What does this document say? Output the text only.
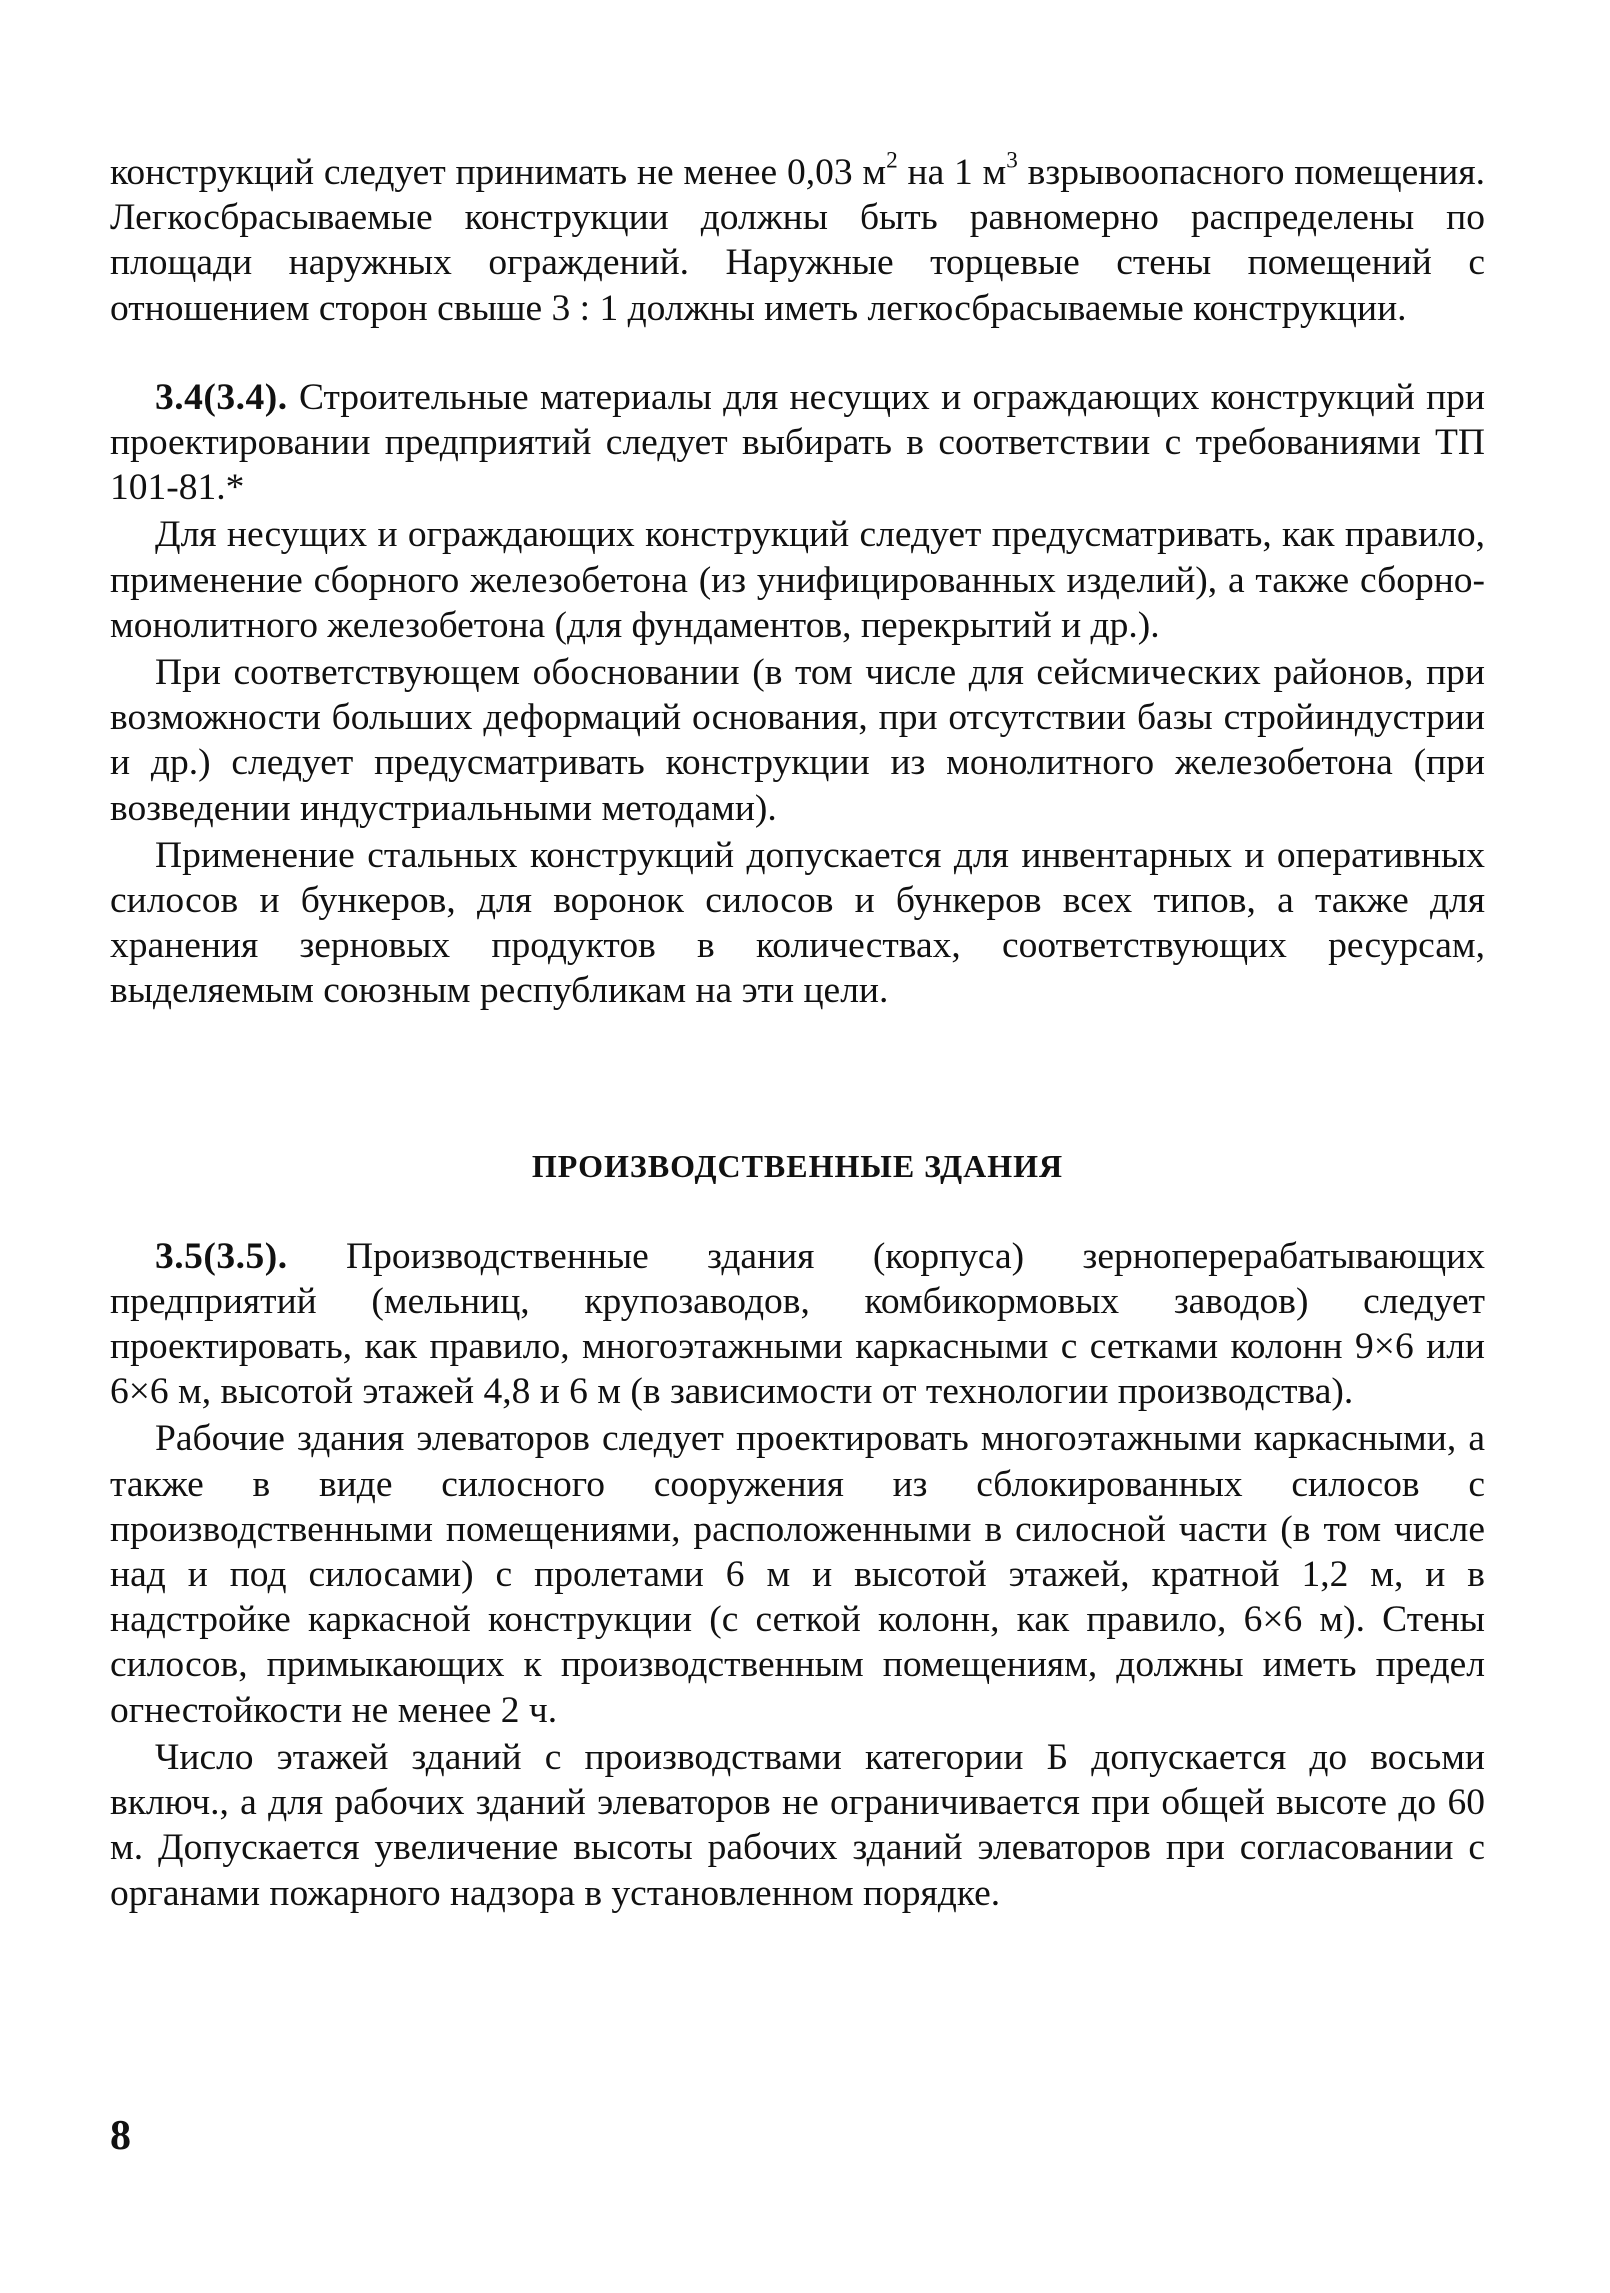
конструкций следует принимать не менее 0,03 $м^2$ на 1 $м^3$ взрывоопасного помещения. Легкосбрасываемые конструкции должны быть равномерно распределены по площади наружных ограждений. Наружные торцевые стены помещений с отношением сторон свыше 3 : 1 должны иметь легкосбрасываемые конструкции.

3.4(3.4). Строительные материалы для несущих и ограждающих конструкций при проектировании предприятий следует выбирать в соответствии с требованиями ТП 101-81.*

Для несущих и ограждающих конструкций следует предусматривать, как правило, применение сборного железобетона (из унифицированных изделий), а также сборно-монолитного железобетона (для фундаментов, перекрытий и др.).

При соответствующем обосновании (в том числе для сейсмических районов, при возможности больших деформаций основания, при отсутствии базы стройиндустрии и др.) следует предусматривать конструкции из монолитного железобетона (при возведении индустриальными методами).

Применение стальных конструкций допускается для инвентарных и оперативных силосов и бункеров, для воронок силосов и бункеров всех типов, а также для хранения зерновых продуктов в количествах, соответствующих ресурсам, выделяемым союзным республикам на эти цели.

ПРОИЗВОДСТВЕННЫЕ ЗДАНИЯ

3.5(3.5). Производственные здания (корпуса) зерноперерабатывающих предприятий (мельниц, крупозаводов, комбикормовых заводов) следует проектировать, как правило, многоэтажными каркасными с сетками колонн 9×6 или 6×6 м, высотой этажей 4,8 и 6 м (в зависимости от технологии производства).

Рабочие здания элеваторов следует проектировать многоэтажными каркасными, а также в виде силосного сооружения из сблокированных силосов с производственными помещениями, расположенными в силосной части (в том числе над и под силосами) с пролетами 6 м и высотой этажей, кратной 1,2 м, и в надстройке каркасной конструкции (с сеткой колонн, как правило, 6×6 м). Стены силосов, примыкающих к производственным помещениям, должны иметь предел огнестойкости не менее 2 ч.

Число этажей зданий с производствами категории Б допускается до восьми включ., а для рабочих зданий элеваторов не ограничивается при общей высоте до 60 м. Допускается увеличение высоты рабочих зданий элеваторов при согласовании с органами пожарного надзора в установленном порядке.

8
